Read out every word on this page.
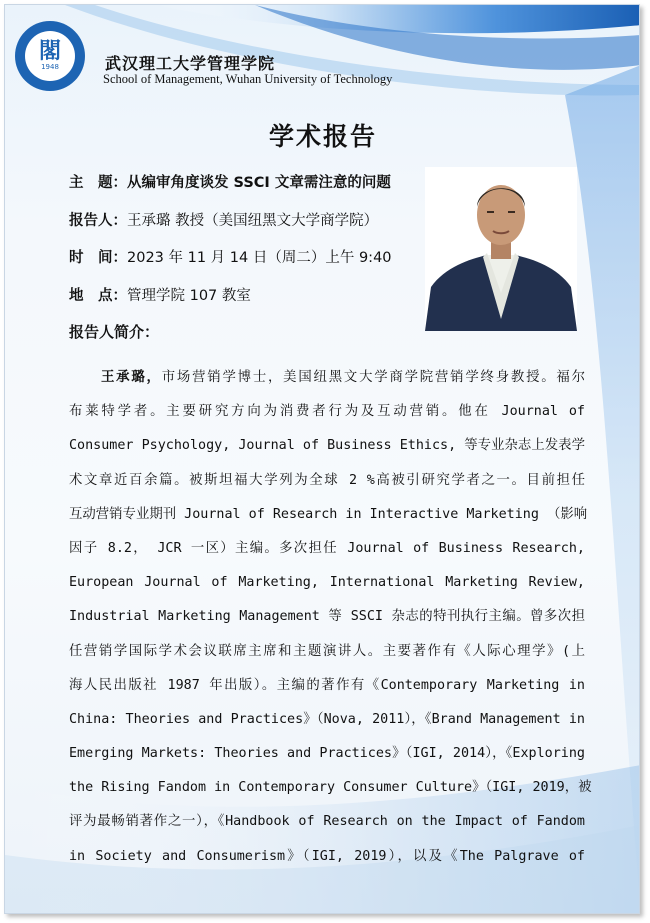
閣
1948	武汉理工大学管理学院
School of Management, Wuhan University of Technology
学术报告
主　题：从编审角度谈发 SSCI 文章需注意的问题
报告人：王承璐 教授（美国纽黑文大学商学院）
时　间：2023 年 11 月 14 日（周二）上午 9:40
地　点：管理学院 107 教室
报告人简介：
王承璐，市场营销学博士，美国纽黑文大学商学院营销学终身教授。福尔
布莱特学者。主要研究方向为消费者行为及互动营销。他在 Journal of
Consumer Psychology, Journal of Business Ethics, 等专业杂志上发表学
术文章近百余篇。被斯坦福大学列为全球 2 %高被引研究学者之一。目前担任
互动营销专业期刊 Journal of Research in Interactive Marketing （影响
因子 8.2， JCR 一区）主编。多次担任 Journal of Business Research,
European Journal of Marketing, International Marketing Review,
Industrial Marketing Management 等 SSCI 杂志的特刊执行主编。曾多次担
任营销学国际学术会议联席主席和主题演讲人。主要著作有《人际心理学》(上
海人民出版社 1987 年出版）。主编的著作有《Contemporary Marketing in
China: Theories and Practices》（Nova, 2011），《Brand Management in
Emerging Markets: Theories and Practices》（IGI, 2014），《Exploring
the Rising Fandom in Contemporary Consumer Culture》（IGI, 2019，被
评为最畅销著作之一），《Handbook of Research on the Impact of Fandom
in Society and Consumerism》（IGI, 2019），以及《The Palgrave of
